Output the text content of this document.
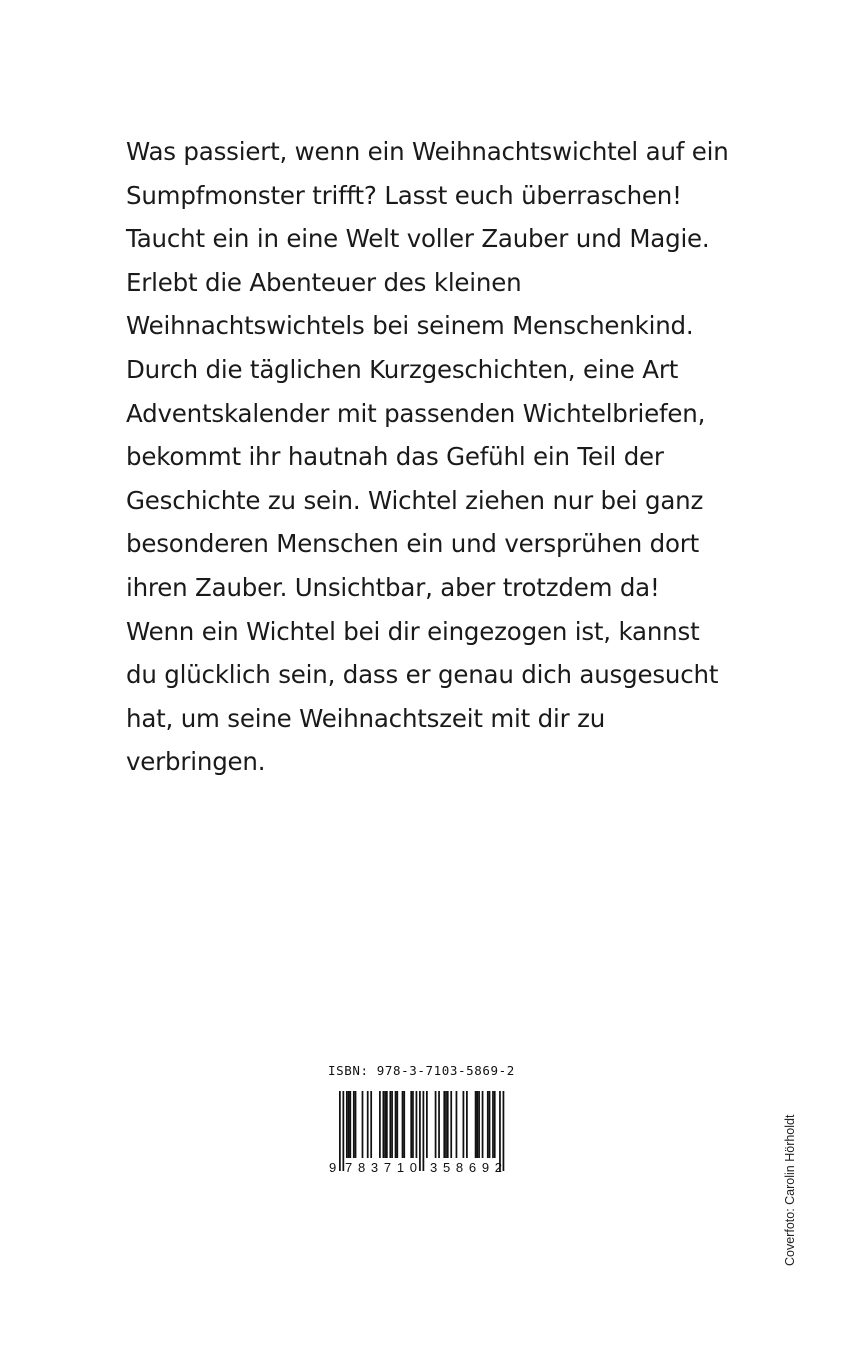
Was passiert, wenn ein Weihnachtswichtel auf ein
Sumpfmonster trifft? Lasst euch überraschen!
Taucht ein in eine Welt voller Zauber und Magie.
Erlebt die Abenteuer des kleinen
Weihnachtswichtels bei seinem Menschenkind.
Durch die täglichen Kurzgeschichten, eine Art
Adventskalender mit passenden Wichtelbriefen,
bekommt ihr hautnah das Gefühl ein Teil der
Geschichte zu sein. Wichtel ziehen nur bei ganz
besonderen Menschen ein und versprühen dort
ihren Zauber. Unsichtbar, aber trotzdem da!
Wenn ein Wichtel bei dir eingezogen ist, kannst
du glücklich sein, dass er genau dich ausgesucht
hat, um seine Weihnachtszeit mit dir zu
verbringen.
ISBN: 978-3-7103-5869-2
9 783710 358692	Coverfoto: Carolin Hörholdt
